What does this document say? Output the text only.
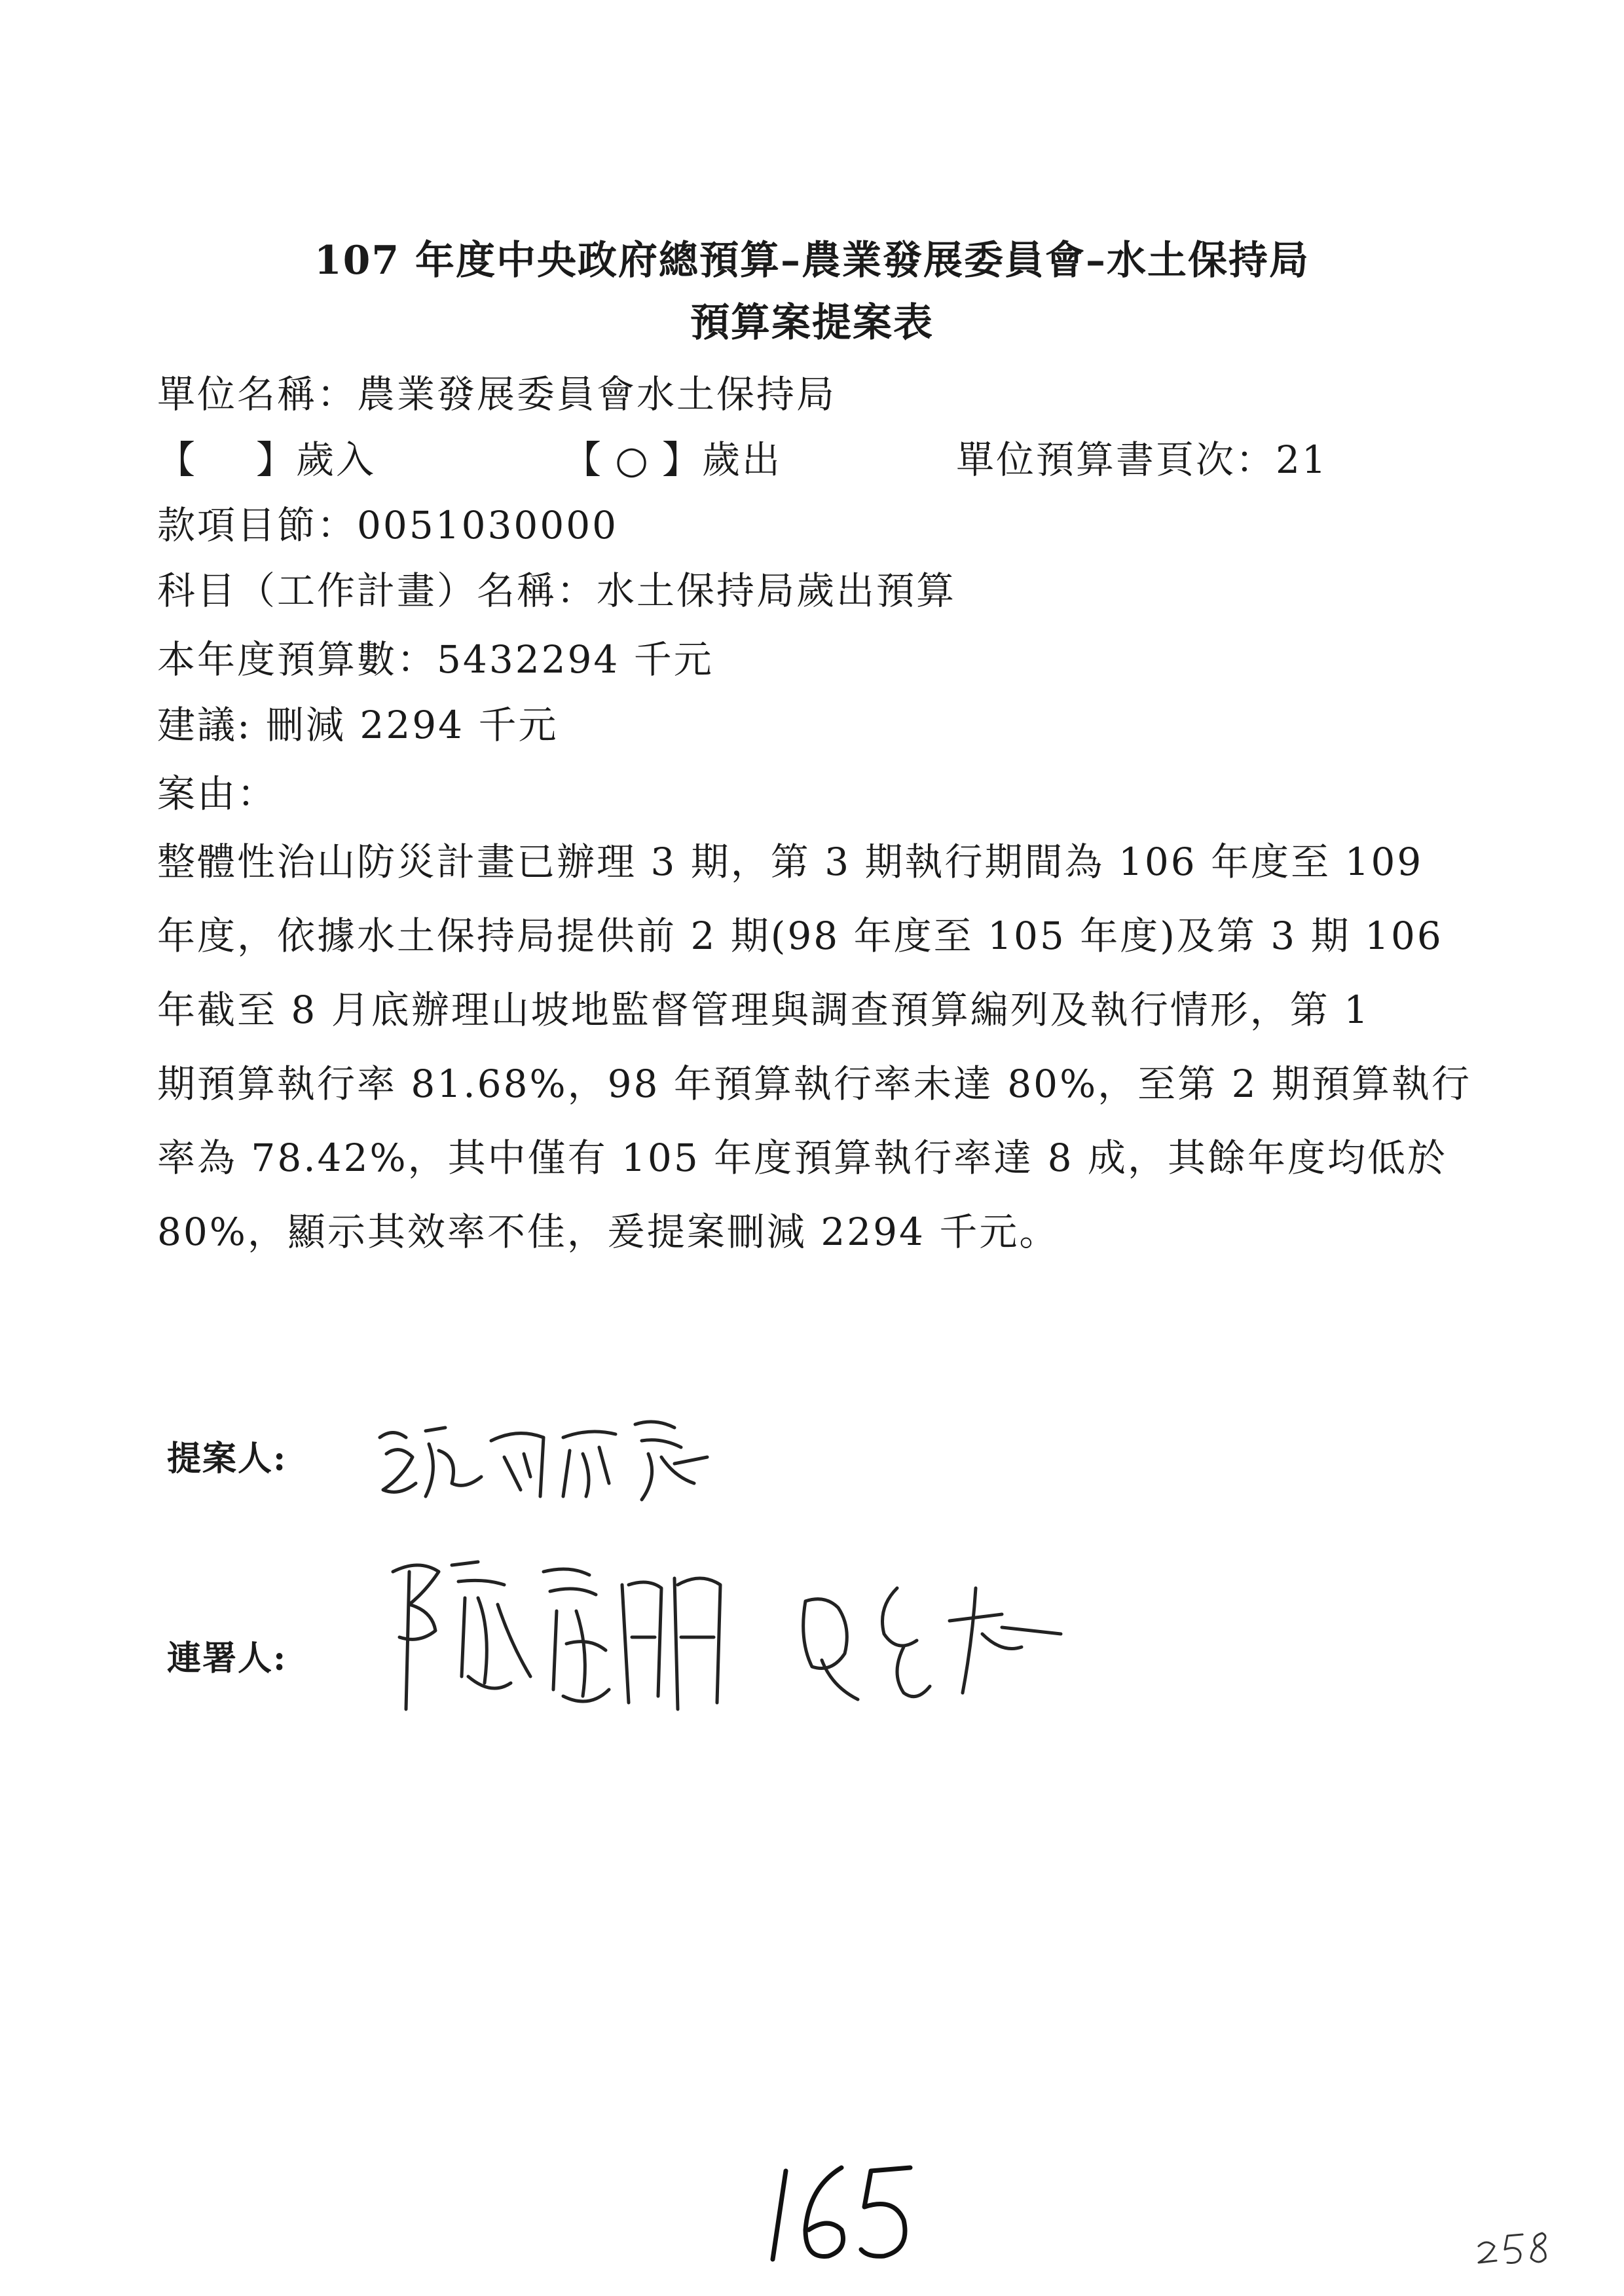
107 年度中央政府總預算–農業發展委員會–水土保持局
預算案提案表
單位名稱：農業發展委員會水土保持局
【 】歲入	【 ○ 】歲出	單位預算書頁次：21
款項目節：0051030000
科目（工作計畫）名稱：水土保持局歲出預算
本年度預算數：5432294 千元
建議: 刪減 2294 千元
案由：
整體性治山防災計畫已辦理 3 期，第 3 期執行期間為 106 年度至 109
年度，依據水土保持局提供前 2 期(98 年度至 105 年度)及第 3 期 106
年截至 8 月底辦理山坡地監督管理與調查預算編列及執行情形，第 1
期預算執行率 81.68%，98 年預算執行率未達 80%，至第 2 期預算執行
率為 78.42%，其中僅有 105 年度預算執行率達 8 成，其餘年度均低於
80%，顯示其效率不佳，爰提案刪減 2294 千元。
提案人:
連署人:
